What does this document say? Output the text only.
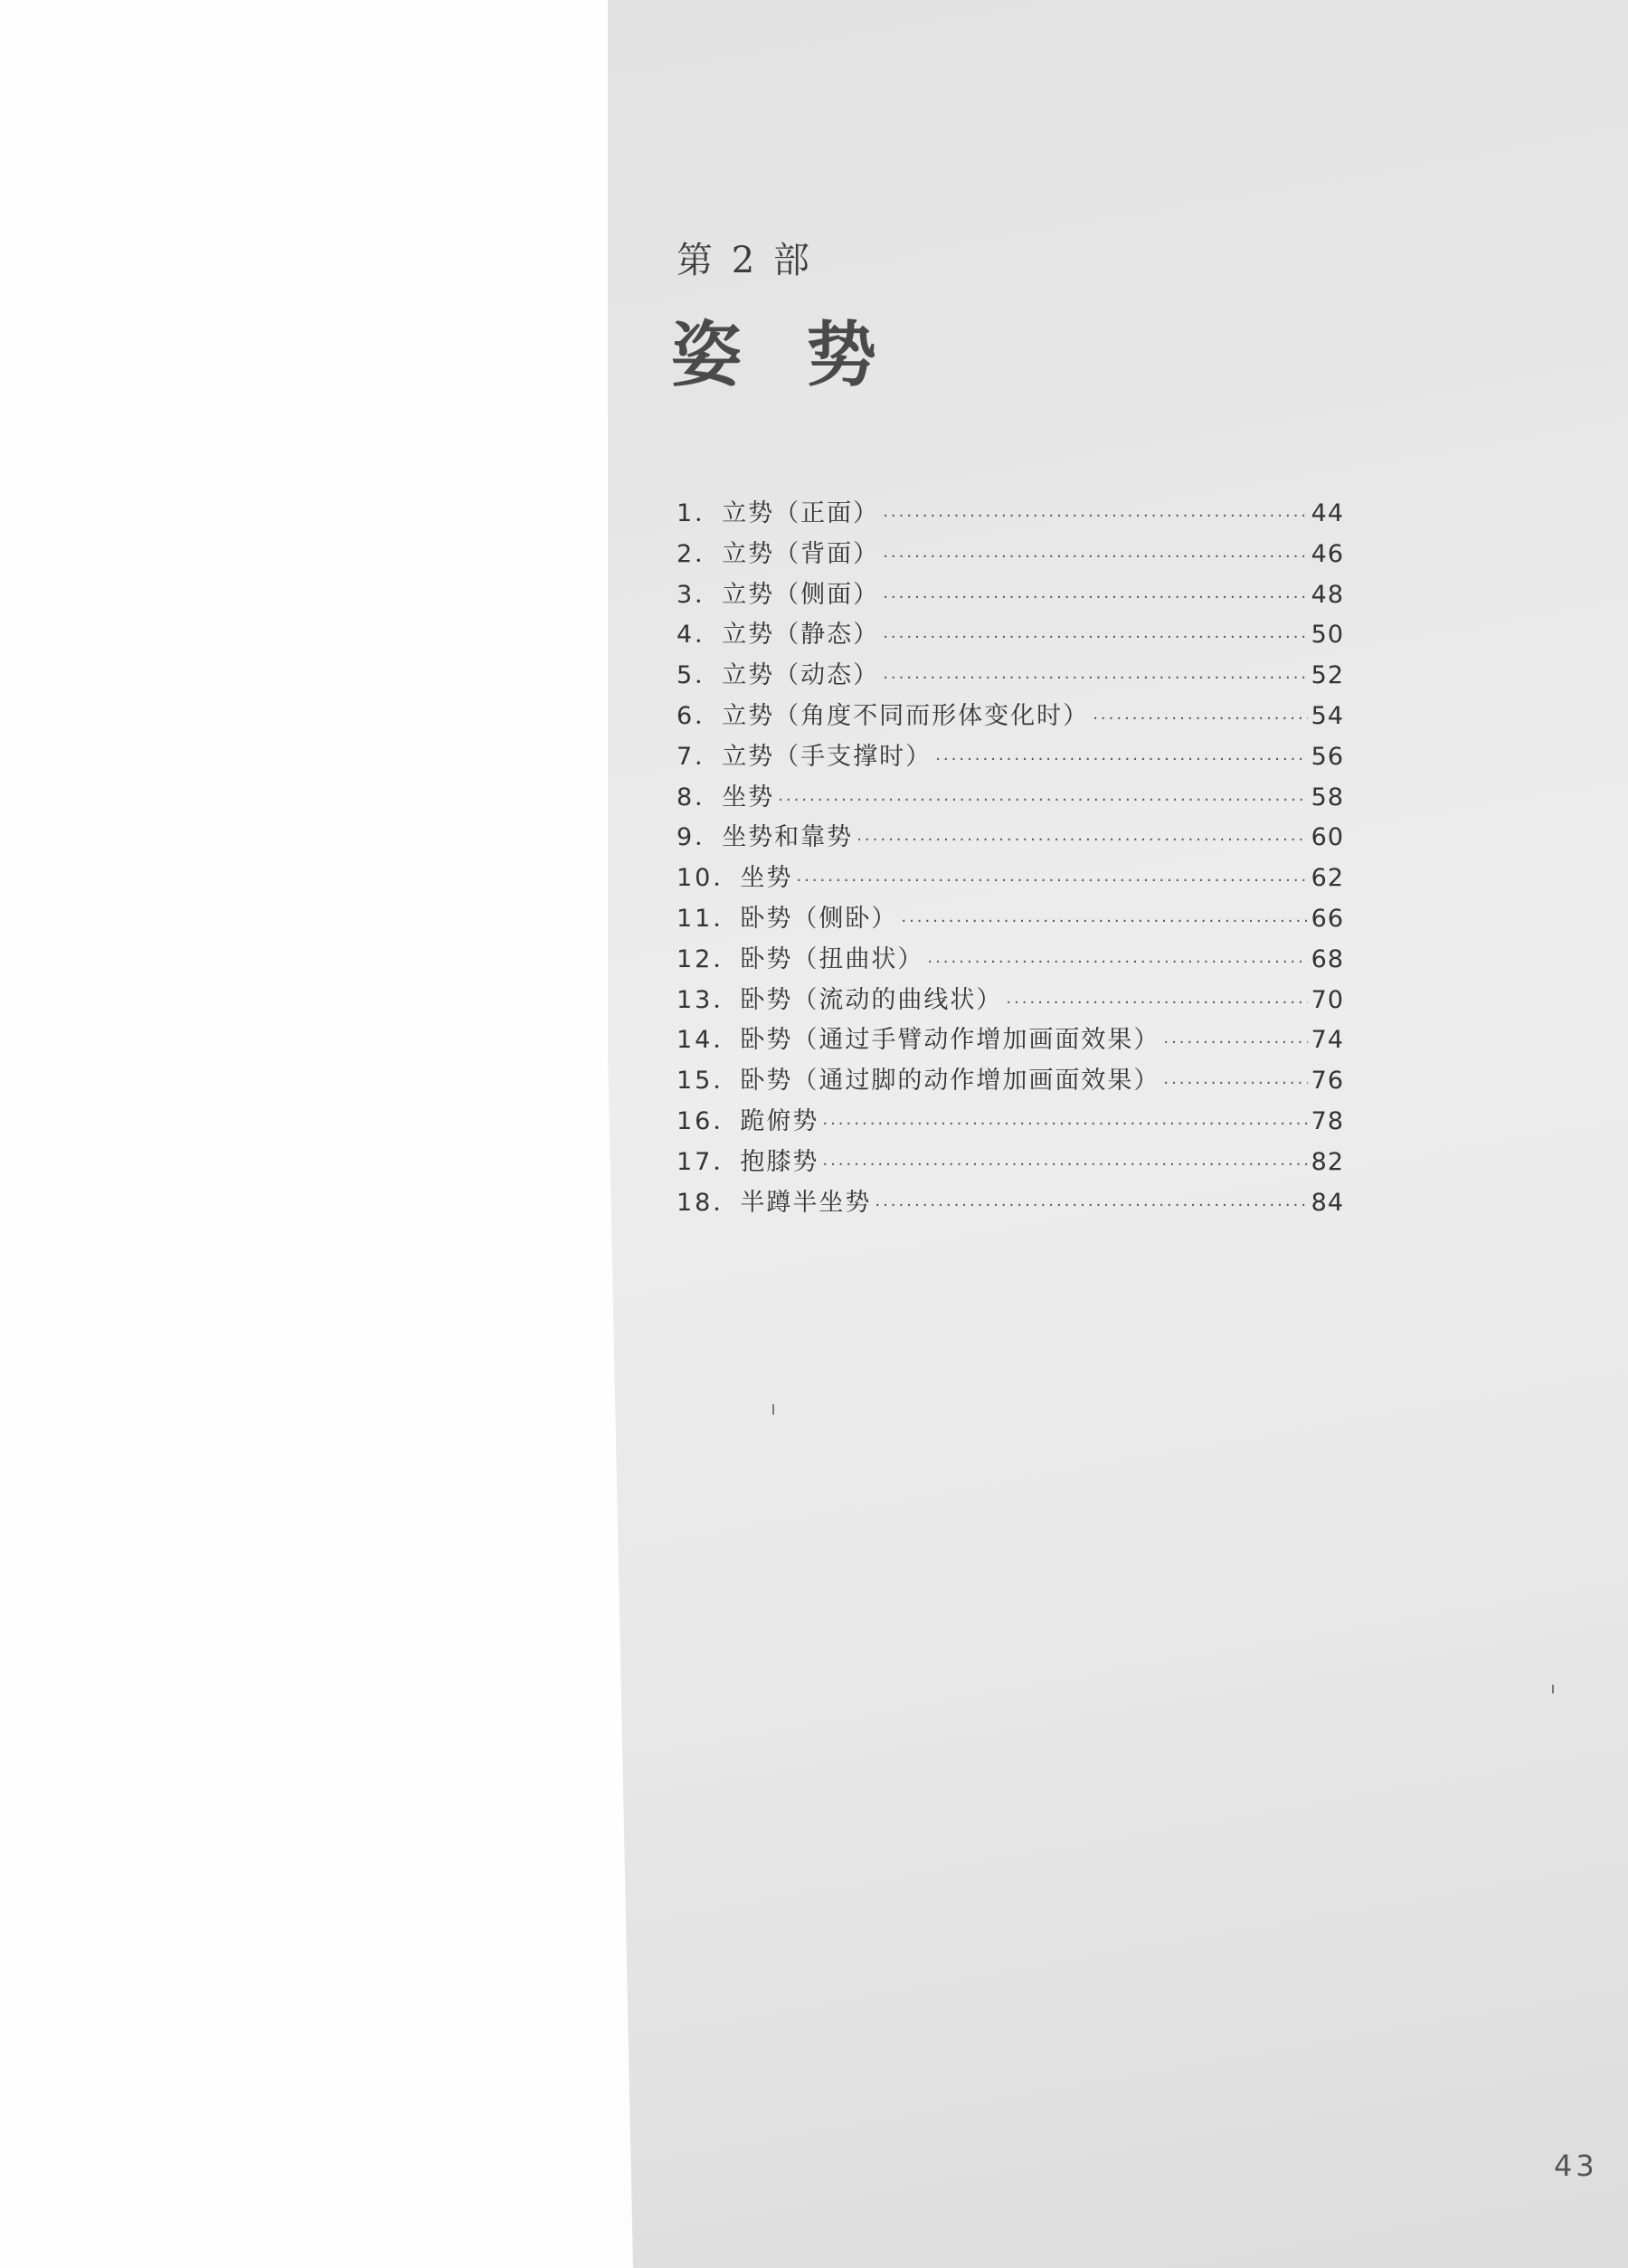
第 2 部
姿 势
1． 立势（正面） ·····	44
2． 立势（背面） ·····	46
3． 立势（侧面） ·····	48
4． 立势（静态） ·····	50
5． 立势（动态） ·····	52
6． 立势（角度不同而形体变化时） ·····	54
7． 立势（手支撑时） ·····	56
8． 坐势 ·····	58
9． 坐势和靠势 ·····	60
10． 坐势 ·····	62
11． 卧势（侧卧） ·····	66
12． 卧势（扭曲状） ·····	68
13． 卧势（流动的曲线状） ·····	70
14． 卧势（通过手臂动作增加画面效果） ·····	74
15． 卧势（通过脚的动作增加画面效果） ·····	76
16． 跪俯势 ·····	78
17． 抱膝势 ·····	82
18． 半蹲半坐势 ·····	84

43
